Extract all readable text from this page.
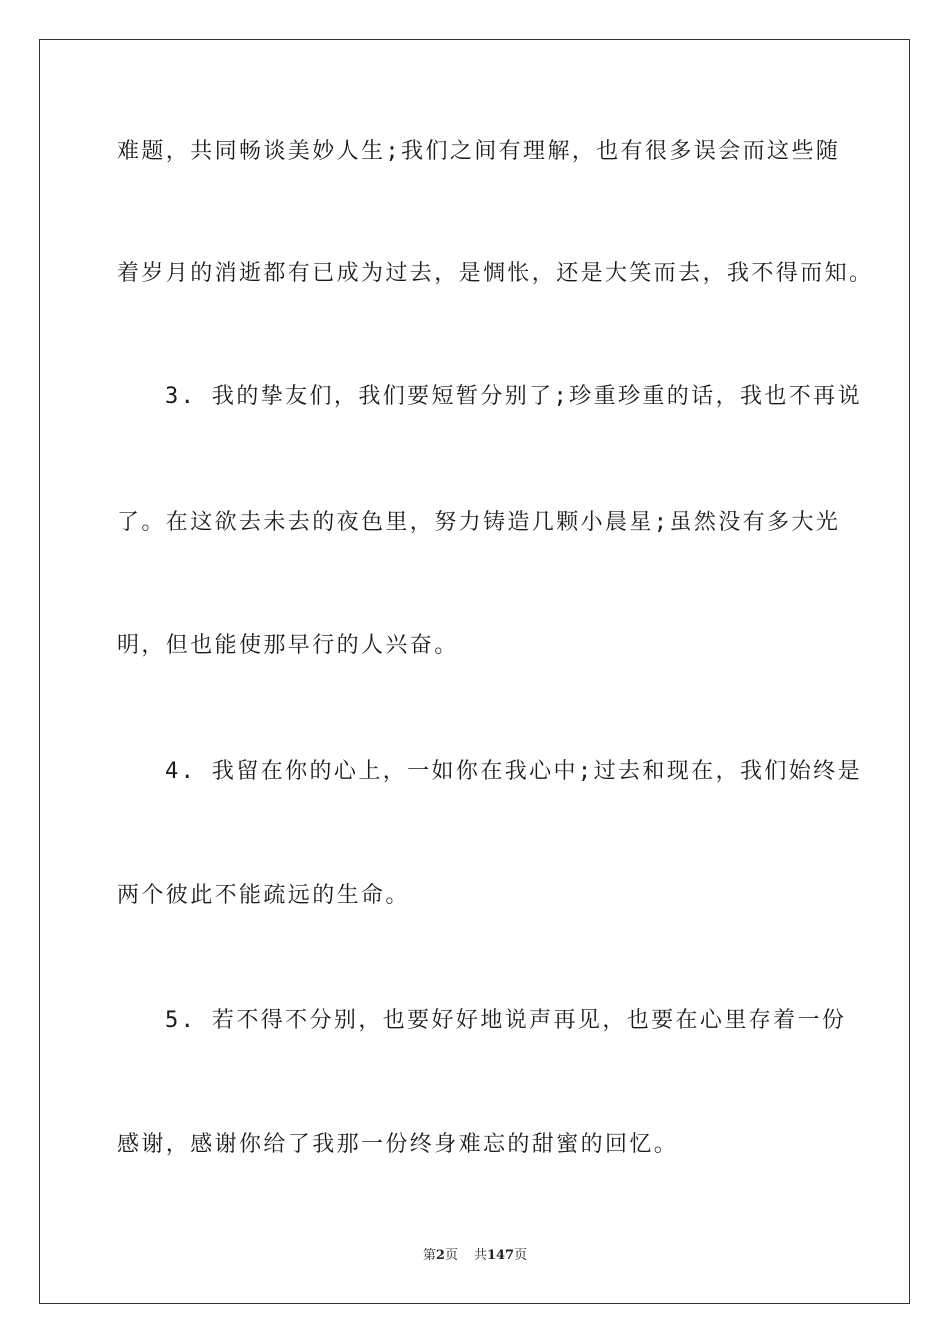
难题，共同畅谈美妙人生;我们之间有理解，也有很多误会而这些随
着岁月的消逝都有已成为过去，是惆怅，还是大笑而去，我不得而知。
3. 我的挚友们，我们要短暂分别了;珍重珍重的话，我也不再说
了。在这欲去未去的夜色里，努力铸造几颗小晨星;虽然没有多大光
明，但也能使那早行的人兴奋。
4. 我留在你的心上，一如你在我心中;过去和现在，我们始终是
两个彼此不能疏远的生命。
5. 若不得不分别，也要好好地说声再见，也要在心里存着一份
感谢，感谢你给了我那一份终身难忘的甜蜜的回忆。
第2页 共147页
